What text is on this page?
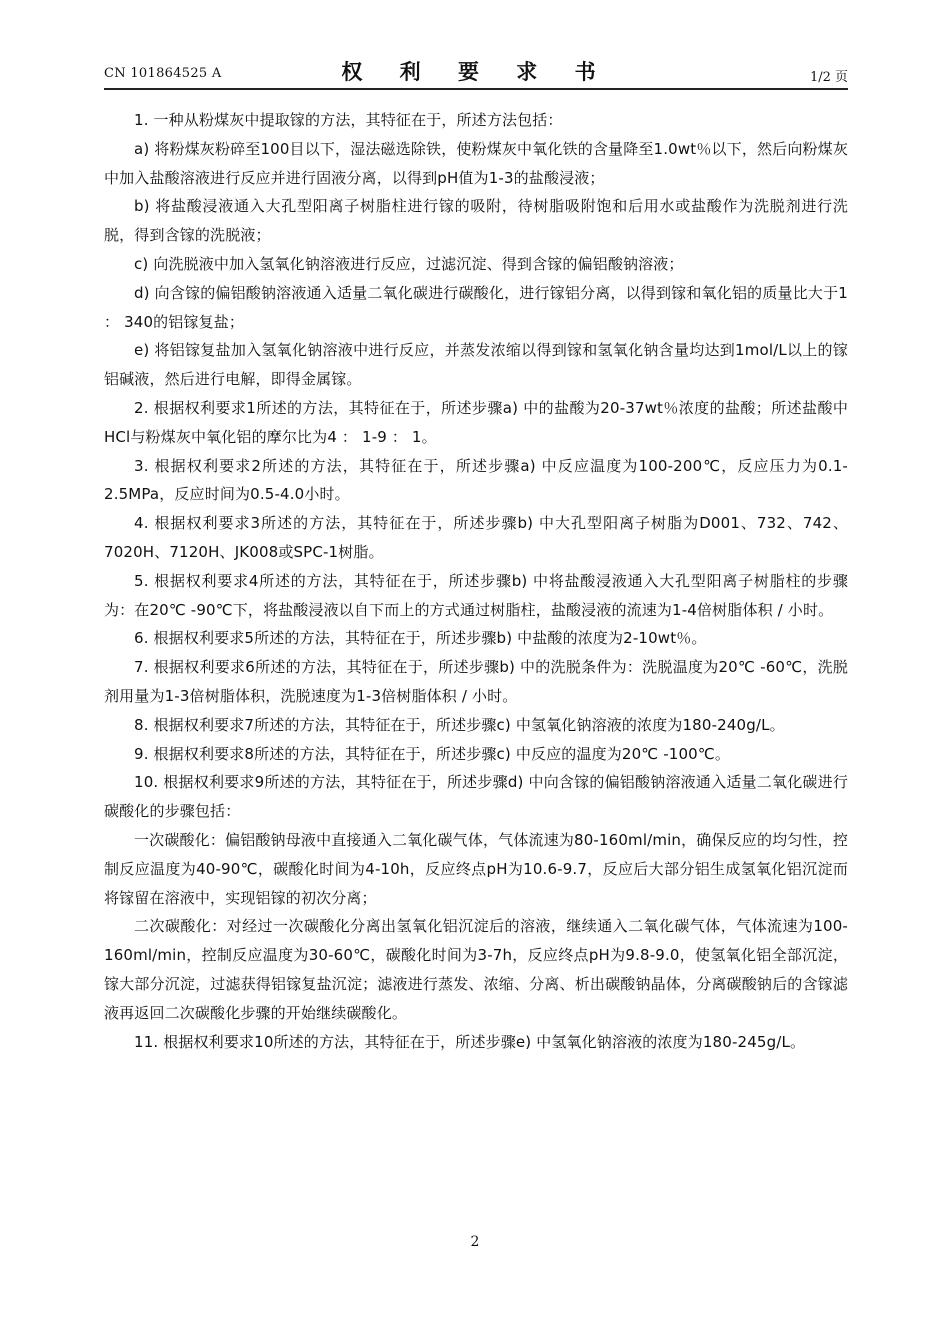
CN 101864525 A	权 利 要 求 书	1/2 页

1. 一种从粉煤灰中提取镓的方法，其特征在于，所述方法包括：

a) 将粉煤灰粉碎至100目以下，湿法磁选除铁，使粉煤灰中氧化铁的含量降至1.0wt％以下，然后向粉煤灰中加入盐酸溶液进行反应并进行固液分离，以得到pH值为1-3的盐酸浸液；

b) 将盐酸浸液通入大孔型阳离子树脂柱进行镓的吸附，待树脂吸附饱和后用水或盐酸作为洗脱剂进行洗脱，得到含镓的洗脱液；

c) 向洗脱液中加入氢氧化钠溶液进行反应，过滤沉淀、得到含镓的偏铝酸钠溶液；

d) 向含镓的偏铝酸钠溶液通入适量二氧化碳进行碳酸化，进行镓铝分离，以得到镓和氧化铝的质量比大于1 ： 340的铝镓复盐；

e) 将铝镓复盐加入氢氧化钠溶液中进行反应，并蒸发浓缩以得到镓和氢氧化钠含量均达到1mol/L以上的镓铝碱液，然后进行电解，即得金属镓。

2. 根据权利要求1所述的方法，其特征在于，所述步骤a) 中的盐酸为20-37wt％浓度的盐酸；所述盐酸中HCl与粉煤灰中氧化铝的摩尔比为4 ： 1-9 ： 1。

3. 根据权利要求2所述的方法，其特征在于，所述步骤a) 中反应温度为100-200℃，反应压力为0.1-2.5MPa，反应时间为0.5-4.0小时。

4. 根据权利要求3所述的方法，其特征在于，所述步骤b) 中大孔型阳离子树脂为D001、732、742、7020H、7120H、JK008或SPC-1树脂。

5. 根据权利要求4所述的方法，其特征在于，所述步骤b) 中将盐酸浸液通入大孔型阳离子树脂柱的步骤为：在20℃ -90℃下，将盐酸浸液以自下而上的方式通过树脂柱，盐酸浸液的流速为1-4倍树脂体积 / 小时。

6. 根据权利要求5所述的方法，其特征在于，所述步骤b) 中盐酸的浓度为2-10wt％。

7. 根据权利要求6所述的方法，其特征在于，所述步骤b) 中的洗脱条件为：洗脱温度为20℃ -60℃，洗脱剂用量为1-3倍树脂体积，洗脱速度为1-3倍树脂体积 / 小时。

8. 根据权利要求7所述的方法，其特征在于，所述步骤c) 中氢氧化钠溶液的浓度为180-240g/L。

9. 根据权利要求8所述的方法，其特征在于，所述步骤c) 中反应的温度为20℃ -100℃。

10. 根据权利要求9所述的方法，其特征在于，所述步骤d) 中向含镓的偏铝酸钠溶液通入适量二氧化碳进行碳酸化的步骤包括：

一次碳酸化：偏铝酸钠母液中直接通入二氧化碳气体，气体流速为80-160ml/min，确保反应的均匀性，控制反应温度为40-90℃，碳酸化时间为4-10h，反应终点pH为10.6-9.7，反应后大部分铝生成氢氧化铝沉淀而将镓留在溶液中，实现铝镓的初次分离；

二次碳酸化：对经过一次碳酸化分离出氢氧化铝沉淀后的溶液，继续通入二氧化碳气体，气体流速为100-160ml/min，控制反应温度为30-60℃，碳酸化时间为3-7h，反应终点pH为9.8-9.0，使氢氧化铝全部沉淀，镓大部分沉淀，过滤获得铝镓复盐沉淀；滤液进行蒸发、浓缩、分离、析出碳酸钠晶体，分离碳酸钠后的含镓滤液再返回二次碳酸化步骤的开始继续碳酸化。

11. 根据权利要求10所述的方法，其特征在于，所述步骤e) 中氢氧化钠溶液的浓度为180-245g/L。

2
